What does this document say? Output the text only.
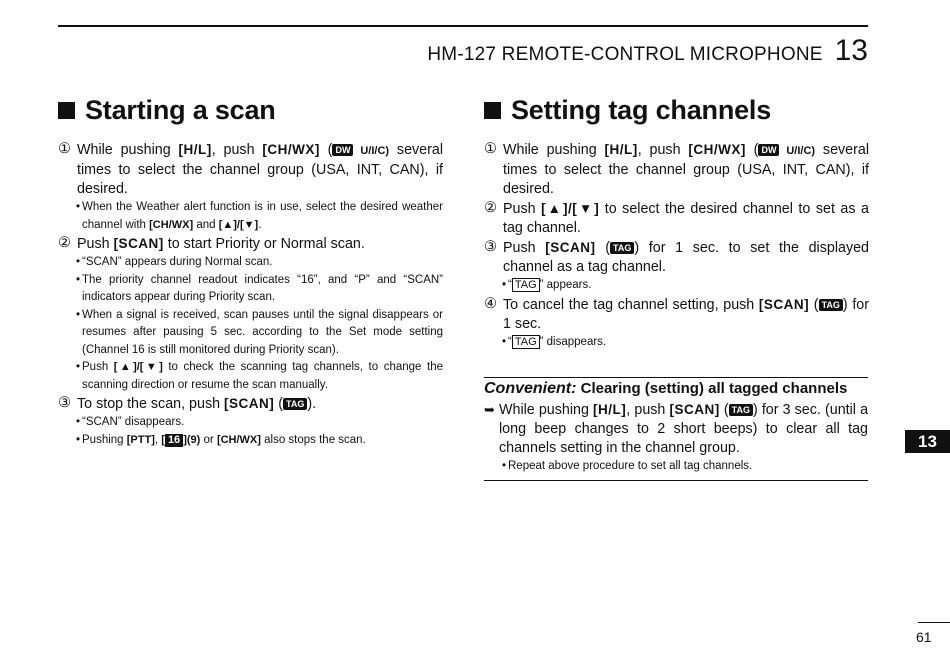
HM-127 REMOTE-CONTROL MICROPHONE 13
Starting a scan
① While pushing [H/L], push [CH/WX] ( DW U/I/C) several times to select the channel group (USA, INT, CAN), if desired.
• When the Weather alert function is in use, select the desired weather channel with [CH/WX] and [▲]/[▼].
② Push [SCAN] to start Priority or Normal scan.
• “SCAN” appears during Normal scan.
• The priority channel readout indicates “16”, and “P” and “SCAN” indicators appear during Priority scan.
• When a signal is received, scan pauses until the signal disappears or resumes after pausing 5 sec. according to the Set mode setting (Channel 16 is still monitored during Priority scan).
• Push [▲]/[▼] to check the scanning tag channels, to change the scanning direction or resume the scan manually.
③ To stop the scan, push [SCAN] ( TAG ).
• “SCAN” disappears.
• Pushing [PTT], [ 16 ](9) or [CH/WX] also stops the scan.
Setting tag channels
① While pushing [H/L], push [CH/WX] ( DW U/I/C) several times to select the channel group (USA, INT, CAN), if desired.
② Push [▲]/[▼] to select the desired channel to set as a tag channel.
③ Push [SCAN] ( TAG ) for 1 sec. to set the displayed channel as a tag channel.
• “ TAG ” appears.
④ To cancel the tag channel setting, push [SCAN] ( TAG ) for 1 sec.
• “ TAG ” disappears.
Convenient: Clearing (setting) all tagged channels
➥ While pushing [H/L], push [SCAN] ( TAG ) for 3 sec. (until a long beep changes to 2 short beeps) to clear all tag channels setting in the channel group.
• Repeat above procedure to set all tag channels.
13
61
